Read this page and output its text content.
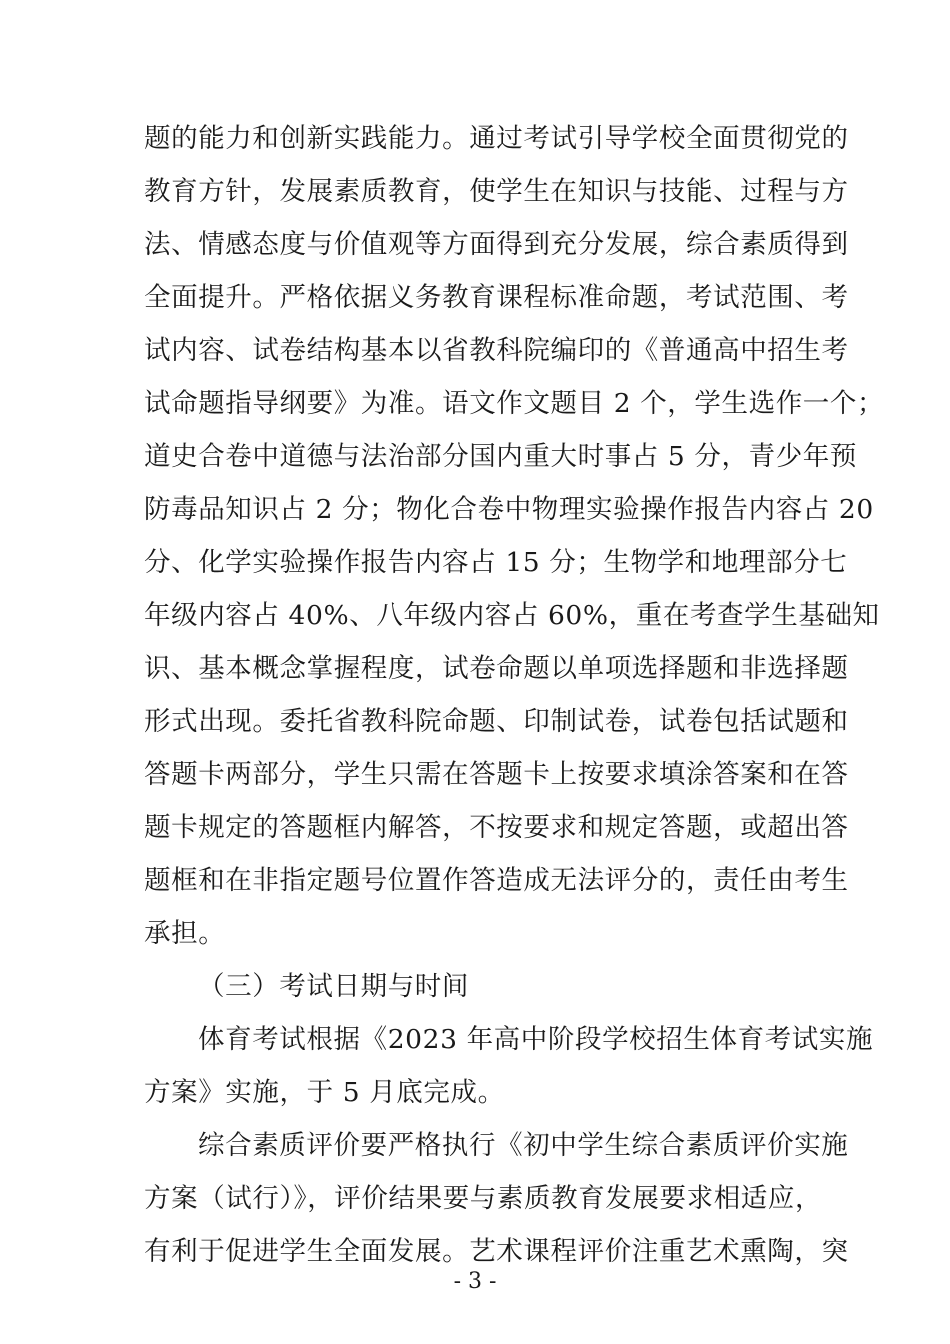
题的能力和创新实践能力。通过考试引导学校全面贯彻党的
教育方针，发展素质教育，使学生在知识与技能、过程与方
法、情感态度与价值观等方面得到充分发展，综合素质得到
全面提升。严格依据义务教育课程标准命题，考试范围、考
试内容、试卷结构基本以省教科院编印的《普通高中招生考
试命题指导纲要》为准。语文作文题目 2 个，学生选作一个；
道史合卷中道德与法治部分国内重大时事占 5 分，青少年预
防毒品知识占 2 分；物化合卷中物理实验操作报告内容占 20
分、化学实验操作报告内容占 15 分；生物学和地理部分七
年级内容占 40%、八年级内容占 60%，重在考查学生基础知
识、基本概念掌握程度，试卷命题以单项选择题和非选择题
形式出现。委托省教科院命题、印制试卷，试卷包括试题和
答题卡两部分，学生只需在答题卡上按要求填涂答案和在答
题卡规定的答题框内解答，不按要求和规定答题，或超出答
题框和在非指定题号位置作答造成无法评分的，责任由考生
承担。
（三）考试日期与时间
体育考试根据《2023 年高中阶段学校招生体育考试实施
方案》实施，于 5 月底完成。
综合素质评价要严格执行《初中学生综合素质评价实施
方案（试行）》，评价结果要与素质教育发展要求相适应，
有利于促进学生全面发展。艺术课程评价注重艺术熏陶，突
- 3 -
